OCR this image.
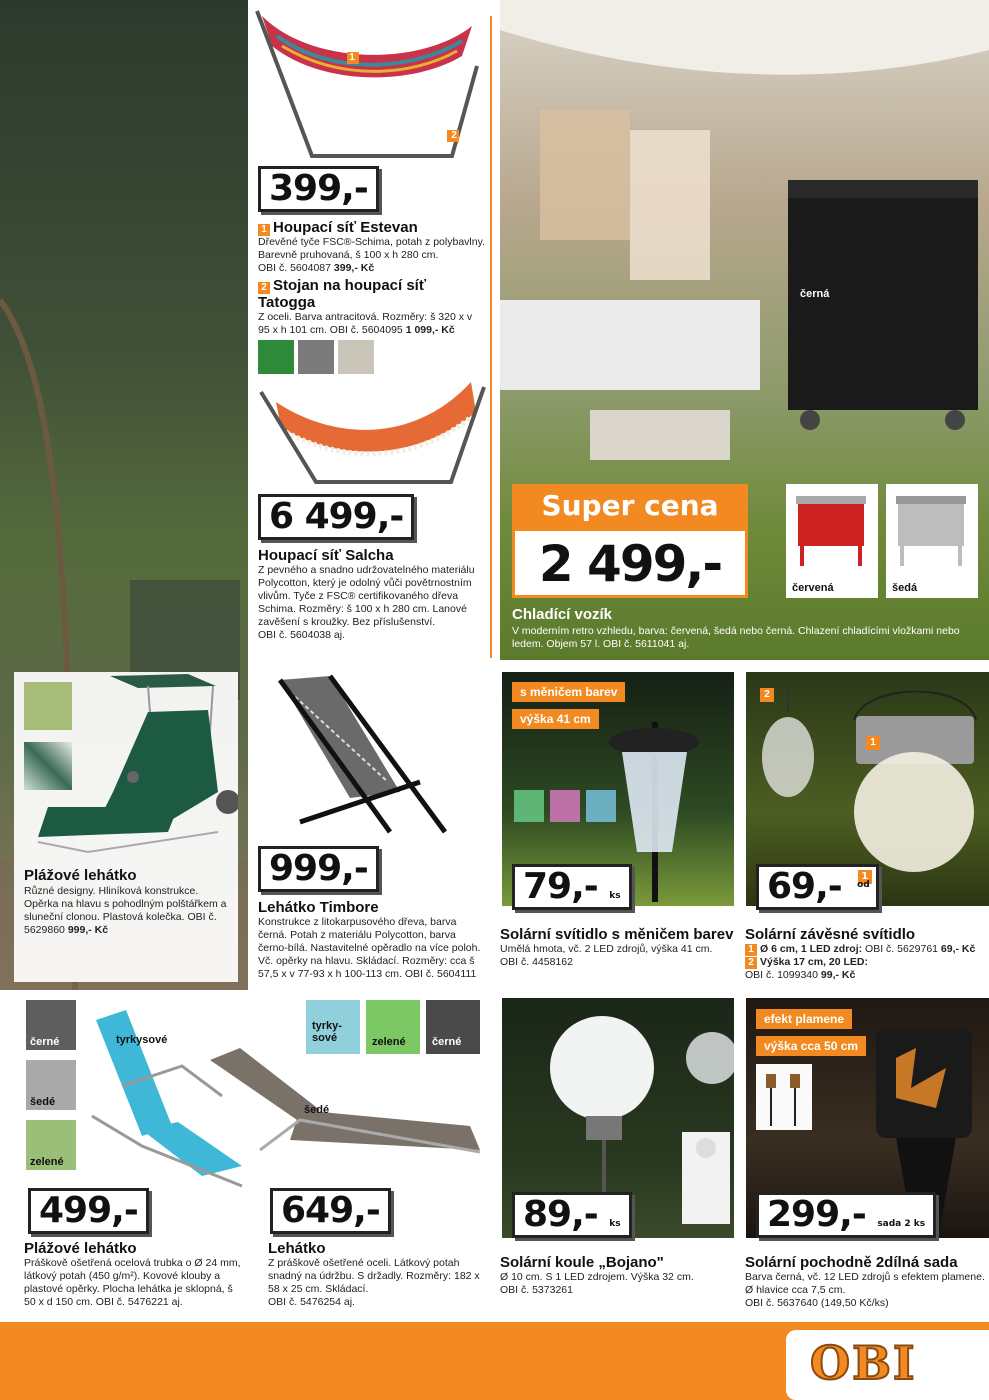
Plážové lehátko
Různé designy. Hliníková konstrukce. Opěrka na hlavu s pohodlným polštářkem a sluneční clonou. Plastová kolečka. OBI č. 5629860 999,- Kč
1
2
399,-
1 Houpací síť Estevan
Dřevěné tyče FSC®-Schima, potah z polybavlny. Barevně pruhovaná, š 100 x h 280 cm.
OBI č. 5604087 399,- Kč
2 Stojan na houpací síť Tatogga
Z oceli. Barva antracitová. Rozměry: š 320 x v 95 x h 101 cm. OBI č. 5604095 1 099,- Kč
6 499,-
Houpací síť Salcha
Z pevného a snadno udržovatelného materiálu Polycotton, který je odolný vůči povětrnostním vlivům. Tyče z FSC® certifikovaného dřeva Schima. Rozměry: š 100 x h 280 cm. Lanové zavěšení s kroužky. Bez příslušenství.
OBI č. 5604038 aj.
černá
Super cena
2 499,-	červená	šedá
Chladící vozík
V moderním retro vzhledu, barva: červená, šedá nebo černá. Chlazení chladícími vložkami nebo ledem. Objem 57 l. OBI č. 5611041 aj.
999,-
Lehátko Timbore
Konstrukce z litokarpusového dřeva, barva černá. Potah z materiálu Polycotton, barva černo-bílá. Nastavitelné opěradlo na více poloh. Vč. opěrky na hlavu. Skládací. Rozměry: cca š 57,5 x v 77-93 x h 100-113 cm. OBI č. 5604111
s měničem barev
výška 41 cm
79,- ks
Solární svítidlo s měničem barev
Umělá hmota, vč. 2 LED zdrojů, výška 41 cm.
OBI č. 4458162
2
1
69,-	1
od
Solární závěsné svítidlo
1 Ø 6 cm, 1 LED zdroj: OBI č. 5629761 69,- Kč
2 Výška 17 cm, 20 LED:
OBI č. 1099340 99,- Kč
černé
šedé
zelené
tyrkysové
499,-
Plážové lehátko
Práškově ošetřená ocelová trubka o Ø 24 mm, látkový potah (450 g/m²). Kovové klouby a plastové opěrky. Plocha lehátka je sklopná, š 50 x d 150 cm. OBI č. 5476221 aj.
tyrky-sové	zelené černé
šedé
649,-
Lehátko
Z práškově ošetřené oceli. Látkový potah snadný na údržbu. S držadly. Rozměry: 182 x 58 x 25 cm. Skládací.
OBI č. 5476254 aj.
89,- ks
Solární koule „Bojano"
Ø 10 cm. S 1 LED zdrojem. Výška 32 cm.
OBI č. 5373261
efekt plamene
výška cca 50 cm
299,- sada 2 ks
Solární pochodně 2dílná sada
Barva černá, vč. 12 LED zdrojů s efektem plamene. Ø hlavice cca 7,5 cm.
OBI č. 5637640 (149,50 Kč/ks)
OBI
